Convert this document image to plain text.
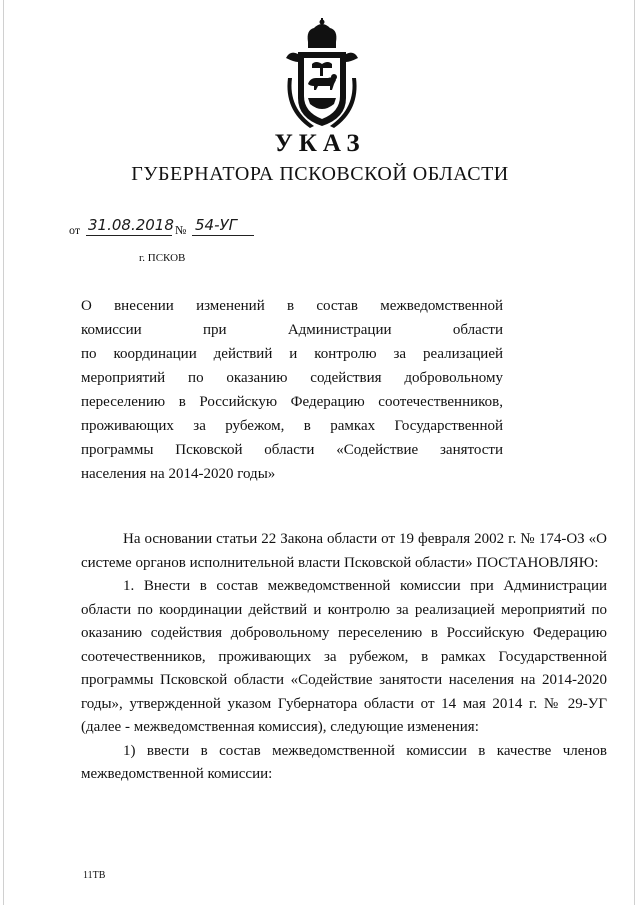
УКАЗ
ГУБЕРНАТОРА ПСКОВСКОЙ ОБЛАСТИ
от 31.08.2018 № 54-УГ
г. ПСКОВ
О внесении изменений в состав межведомственной
комиссии при Администрации области
по координации действий и контролю за реализацией
мероприятий по оказанию содействия добровольному
переселению в Российскую Федерацию соотечественников,
проживающих за рубежом, в рамках Государственной
программы Псковской области «Содействие занятости
населения на 2014-2020 годы»

На основании статьи 22 Закона области от 19 февраля 2002 г. № 174-ОЗ «О системе органов исполнительной власти Псковской области» ПОСТАНОВЛЯЮ:

1. Внести в состав межведомственной комиссии при Администрации области по координации действий и контролю за реализацией мероприятий по оказанию содействия добровольному переселению в Российскую Федерацию соотечественников, проживающих за рубежом, в рамках Государственной программы Псковской области «Содействие занятости населения на 2014-2020 годы», утвержденной указом Губернатора области от 14 мая 2014 г. № 29-УГ (далее - межведомственная комиссия), следующие изменения:

1) ввести в состав межведомственной комиссии в качестве членов межведомственной комиссии:

11ТВ
